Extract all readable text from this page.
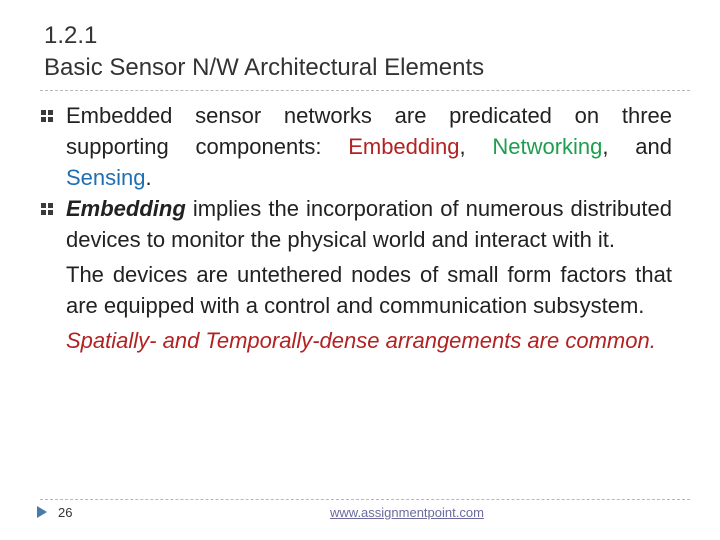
1.2.1
Basic Sensor N/W Architectural Elements
Embedded sensor networks are predicated on three supporting components: Embedding, Networking, and Sensing.
Embedding implies the incorporation of numerous distributed devices to monitor the physical world and interact with it.
The devices are untethered nodes of small form factors that are equipped with a control and communication subsystem.
Spatially- and Temporally-dense arrangements are common.
26	www.assignmentpoint.com
